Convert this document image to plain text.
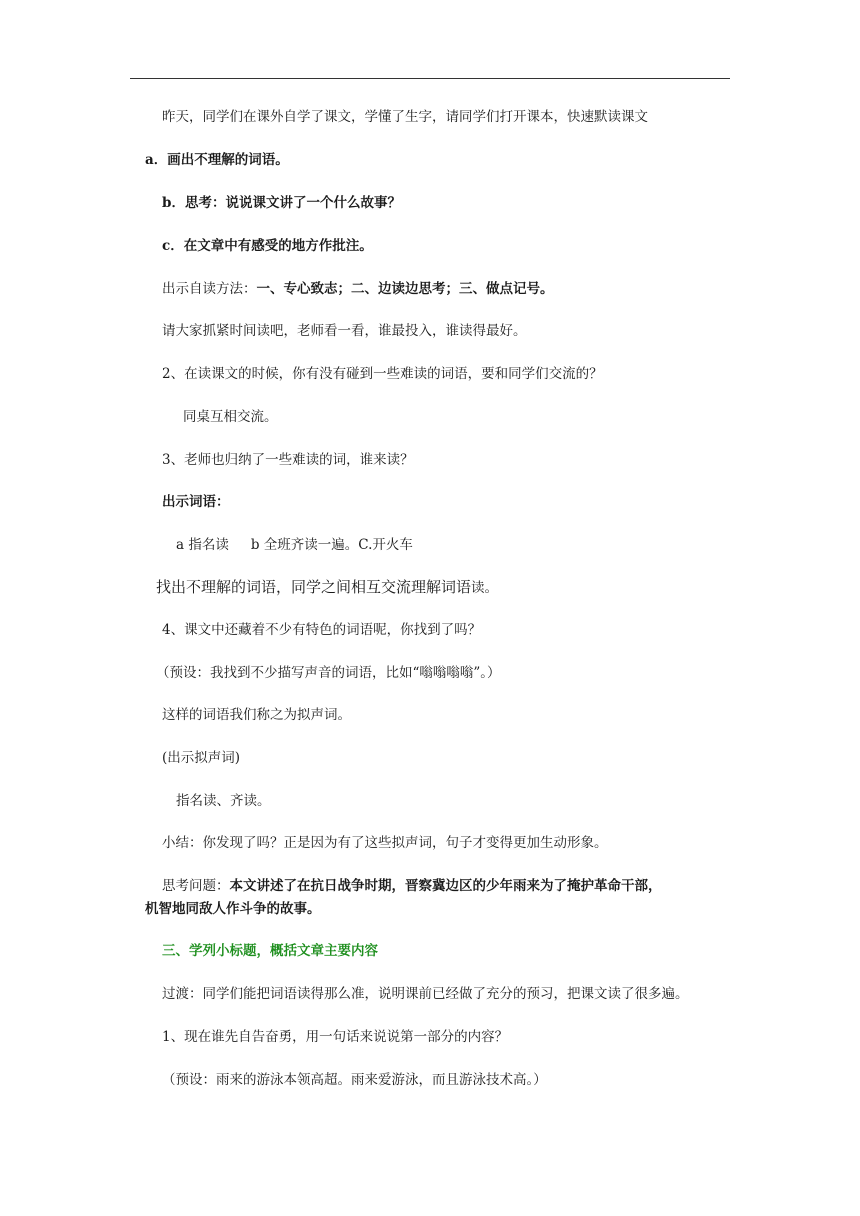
昨天，同学们在课外自学了课文，学懂了生字，请同学们打开课本，快速默读课文
a．画出不理解的词语。
b．思考：说说课文讲了一个什么故事？
c．在文章中有感受的地方作批注。
出示自读方法：一、专心致志；二、边读边思考；三、做点记号。
请大家抓紧时间读吧，老师看一看，谁最投入，谁读得最好。
2、在读课文的时候，你有没有碰到一些难读的词语，要和同学们交流的？
同桌互相交流。
3、老师也归纳了一些难读的词，谁来读？
出示词语：
a 指名读 b 全班齐读一遍。C.开火车
找出不理解的词语，同学之间相互交流理解词语读。
4、课文中还藏着不少有特色的词语呢，你找到了吗？
（预设：我找到不少描写声音的词语，比如“嗡嗡嗡嗡”。）
这样的词语我们称之为拟声词。
(出示拟声词)
指名读、齐读。
小结：你发现了吗？正是因为有了这些拟声词，句子才变得更加生动形象。
思考问题：本文讲述了在抗日战争时期，晋察冀边区的少年雨来为了掩护革命干部，
机智地同敌人作斗争的故事。
三、学列小标题，概括文章主要内容
过渡：同学们能把词语读得那么准，说明课前已经做了充分的预习，把课文读了很多遍。
1、现在谁先自告奋勇，用一句话来说说第一部分的内容？
（预设：雨来的游泳本领高超。雨来爱游泳，而且游泳技术高。）
